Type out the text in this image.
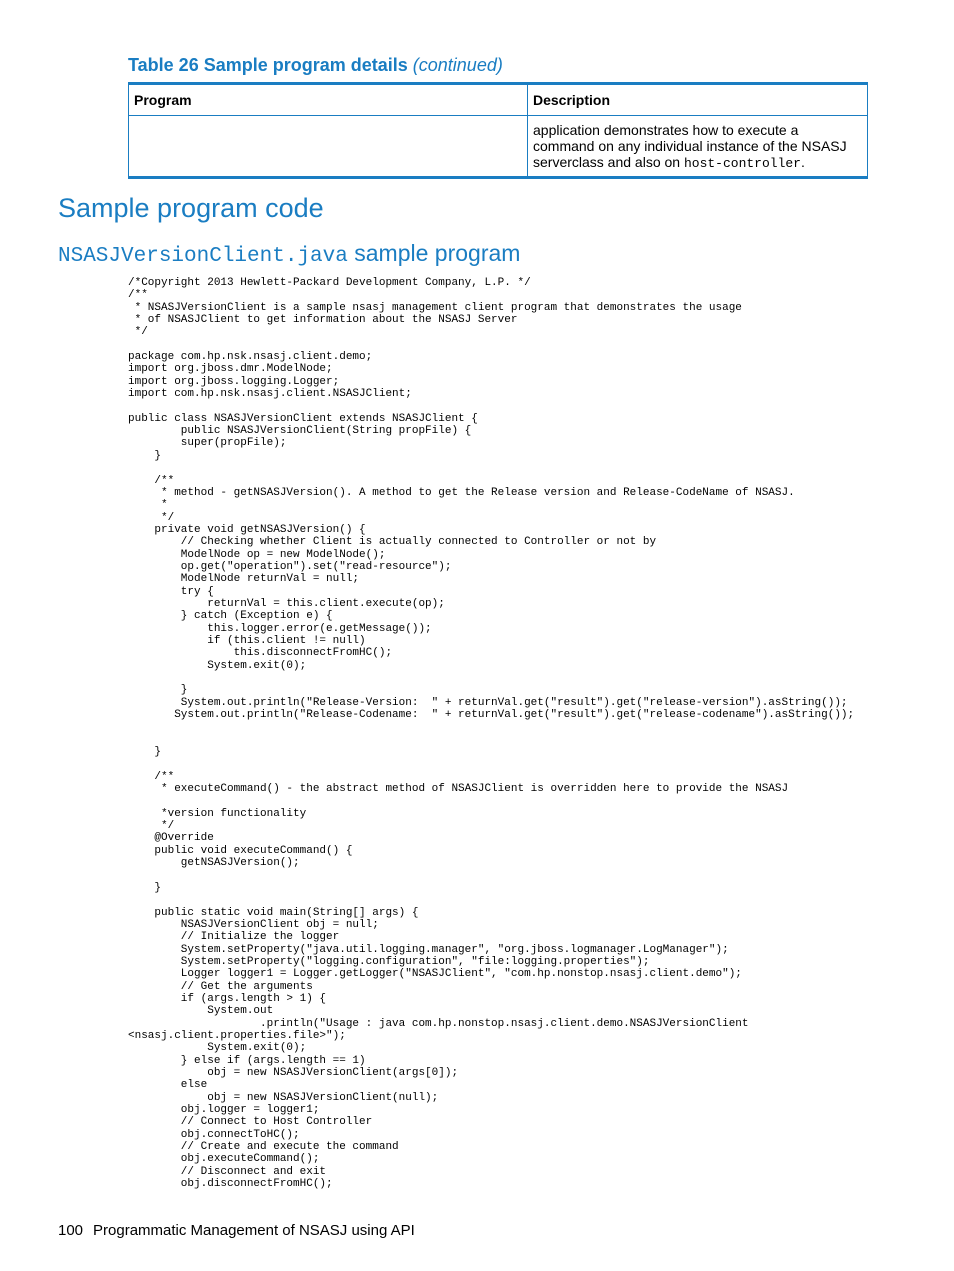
Table 26 Sample program details (continued)
Program	Description
	application demonstrates how to execute a command on any individual instance of the NSASJ serverclass and also on host-controller.
Sample program code
NSASJVersionClient.java sample program
/*Copyright 2013 Hewlett-Packard Development Company, L.P. */
/**
* NSASJVersionClient is a sample nsasj management client program that demonstrates the usage
* of NSASJClient to get information about the NSASJ Server
*/

package com.hp.nsk.nsasj.client.demo;
import org.jboss.dmr.ModelNode;
import org.jboss.logging.Logger;
import com.hp.nsk.nsasj.client.NSASJClient;

public class NSASJVersionClient extends NSASJClient {
public NSASJVersionClient(String propFile) {
super(propFile);
}

/**
* method - getNSASJVersion(). A method to get the Release version and Release-CodeName of NSASJ.
*
*/
private void getNSASJVersion() {
// Checking whether Client is actually connected to Controller or not by
ModelNode op = new ModelNode();
op.get("operation").set("read-resource");
ModelNode returnVal = null;
try {
returnVal = this.client.execute(op);
} catch (Exception e) {
this.logger.error(e.getMessage());
if (this.client != null)
this.disconnectFromHC();
System.exit(0);

}
System.out.println("Release-Version:  " + returnVal.get("result").get("release-version").asString());
System.out.println("Release-Codename:  " + returnVal.get("result").get("release-codename").asString());

}

/**
* executeCommand() - the abstract method of NSASJClient is overridden here to provide the NSASJ

*version functionality
*/
@Override
public void executeCommand() {
getNSASJVersion();

}

public static void main(String[] args) {
NSASJVersionClient obj = null;
// Initialize the logger
System.setProperty("java.util.logging.manager", "org.jboss.logmanager.LogManager");
System.setProperty("logging.configuration", "file:logging.properties");
Logger logger1 = Logger.getLogger("NSASJClient", "com.hp.nonstop.nsasj.client.demo");
// Get the arguments
if (args.length > 1) {
System.out
.println("Usage : java com.hp.nonstop.nsasj.client.demo.NSASJVersionClient
<nsasj.client.properties.file>");
System.exit(0);
} else if (args.length == 1)
obj = new NSASJVersionClient(args[0]);
else
obj = new NSASJVersionClient(null);
obj.logger = logger1;
// Connect to Host Controller
obj.connectToHC();
// Create and execute the command
obj.executeCommand();
// Disconnect and exit
obj.disconnectFromHC();
100 Programmatic Management of NSASJ using API
